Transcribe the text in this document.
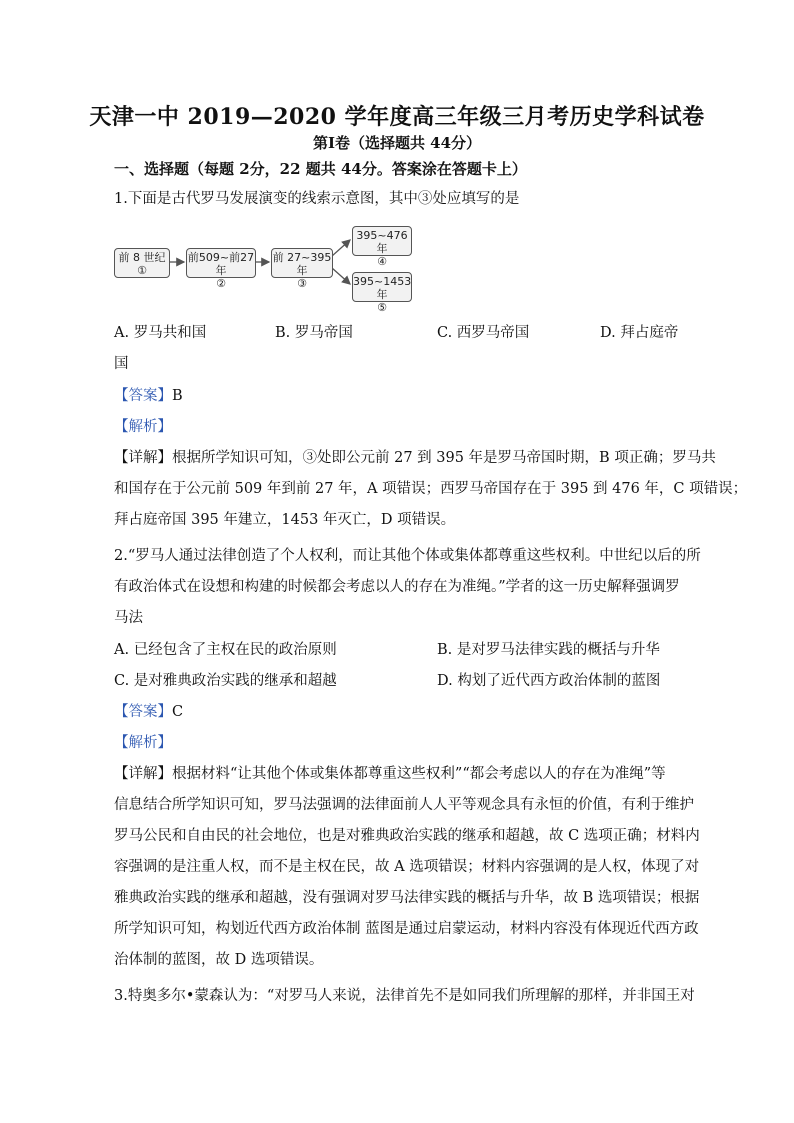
天津一中 2019—2020 学年度高三年级三月考历史学科试卷
第Ⅰ卷（选择题共 44分）
一、选择题（每题 2分，22 题共 44分。答案涂在答题卡上）
1.下面是古代罗马发展演变的线索示意图，其中③处应填写的是
前 8 世纪
①
前509~前27年
②
前 27~395年
③
395~476年
④
395~1453年
⑤
A. 罗马共和国	B. 罗马帝国	C. 西罗马帝国	D. 拜占庭帝
国
【答案】B
【解析】
【详解】根据所学知识可知，③处即公元前 27 到 395 年是罗马帝国时期，B 项正确；罗马共
和国存在于公元前 509 年到前 27 年，A 项错误；西罗马帝国存在于 395 到 476 年，C 项错误；
拜占庭帝国 395 年建立，1453 年灭亡，D 项错误。
2.“罗马人通过法律创造了个人权利，而让其他个体或集体都尊重这些权利。中世纪以后的所
有政治体式在设想和构建的时候都会考虑以人的存在为准绳。”学者的这一历史解释强调罗
马法
A. 已经包含了主权在民的政治原则	B. 是对罗马法律实践的概括与升华
C. 是对雅典政治实践的继承和超越	D. 构划了近代西方政治体制的蓝图
【答案】C
【解析】
【详解】根据材料“让其他个体或集体都尊重这些权利”“都会考虑以人的存在为准绳”等
信息结合所学知识可知，罗马法强调的法律面前人人平等观念具有永恒的价值，有利于维护
罗马公民和自由民的社会地位，也是对雅典政治实践的继承和超越，故 C 选项正确；材料内
容强调的是注重人权，而不是主权在民，故 A 选项错误；材料内容强调的是人权，体现了对
雅典政治实践的继承和超越，没有强调对罗马法律实践的概括与升华，故 B 选项错误；根据
所学知识可知，构划近代西方政治体制 蓝图是通过启蒙运动，材料内容没有体现近代西方政
治体制的蓝图，故 D 选项错误。
3.特奥多尔•蒙森认为：“对罗马人来说，法律首先不是如同我们所理解的那样，并非国王对
